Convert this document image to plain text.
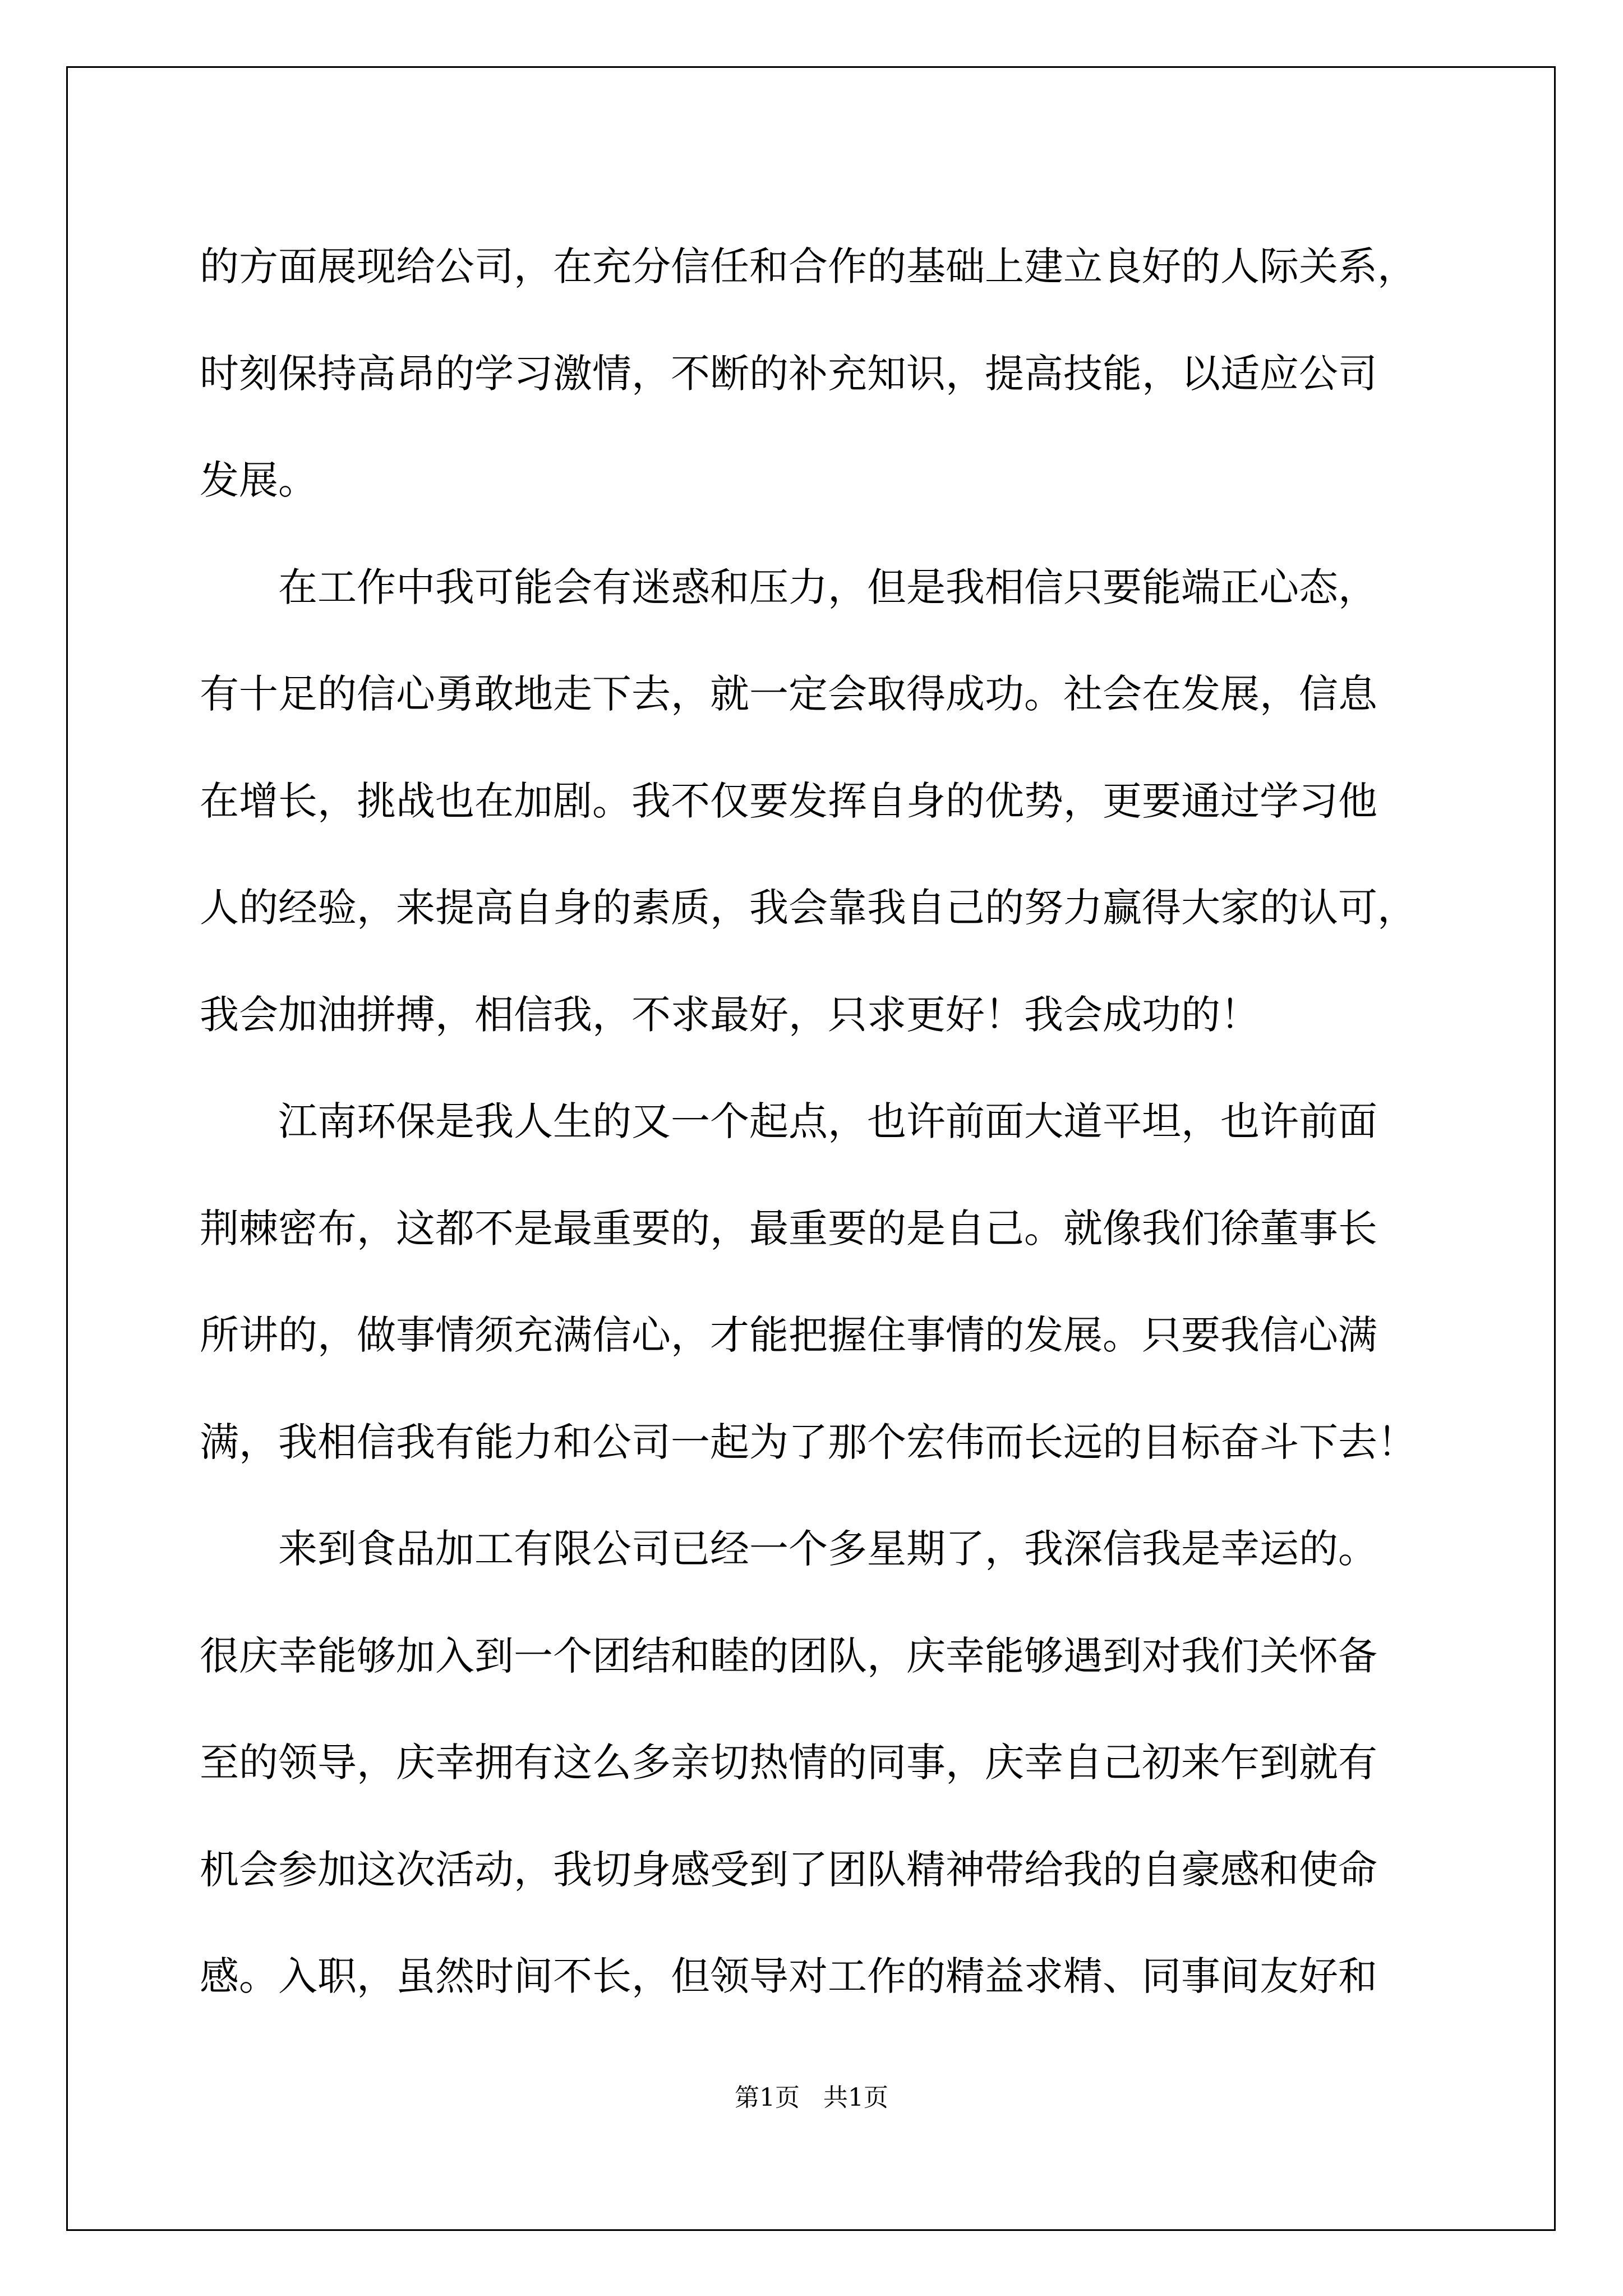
的方面展现给公司，在充分信任和合作的基础上建立良好的人际关系，
时刻保持高昂的学习激情，不断的补充知识，提高技能，以适应公司
发展。
在工作中我可能会有迷惑和压力，但是我相信只要能端正心态，
有十足的信心勇敢地走下去，就一定会取得成功。社会在发展，信息
在增长，挑战也在加剧。我不仅要发挥自身的优势，更要通过学习他
人的经验，来提高自身的素质，我会靠我自己的努力赢得大家的认可，
我会加油拼搏，相信我，不求最好，只求更好！我会成功的！
江南环保是我人生的又一个起点，也许前面大道平坦，也许前面
荆棘密布，这都不是最重要的，最重要的是自己。就像我们徐董事长
所讲的，做事情须充满信心，才能把握住事情的发展。只要我信心满
满，我相信我有能力和公司一起为了那个宏伟而长远的目标奋斗下去！
来到食品加工有限公司已经一个多星期了，我深信我是幸运的。
很庆幸能够加入到一个团结和睦的团队，庆幸能够遇到对我们关怀备
至的领导，庆幸拥有这么多亲切热情的同事，庆幸自己初来乍到就有
机会参加这次活动，我切身感受到了团队精神带给我的自豪感和使命
感。入职，虽然时间不长，但领导对工作的精益求精、同事间友好和
第1页   共1页
